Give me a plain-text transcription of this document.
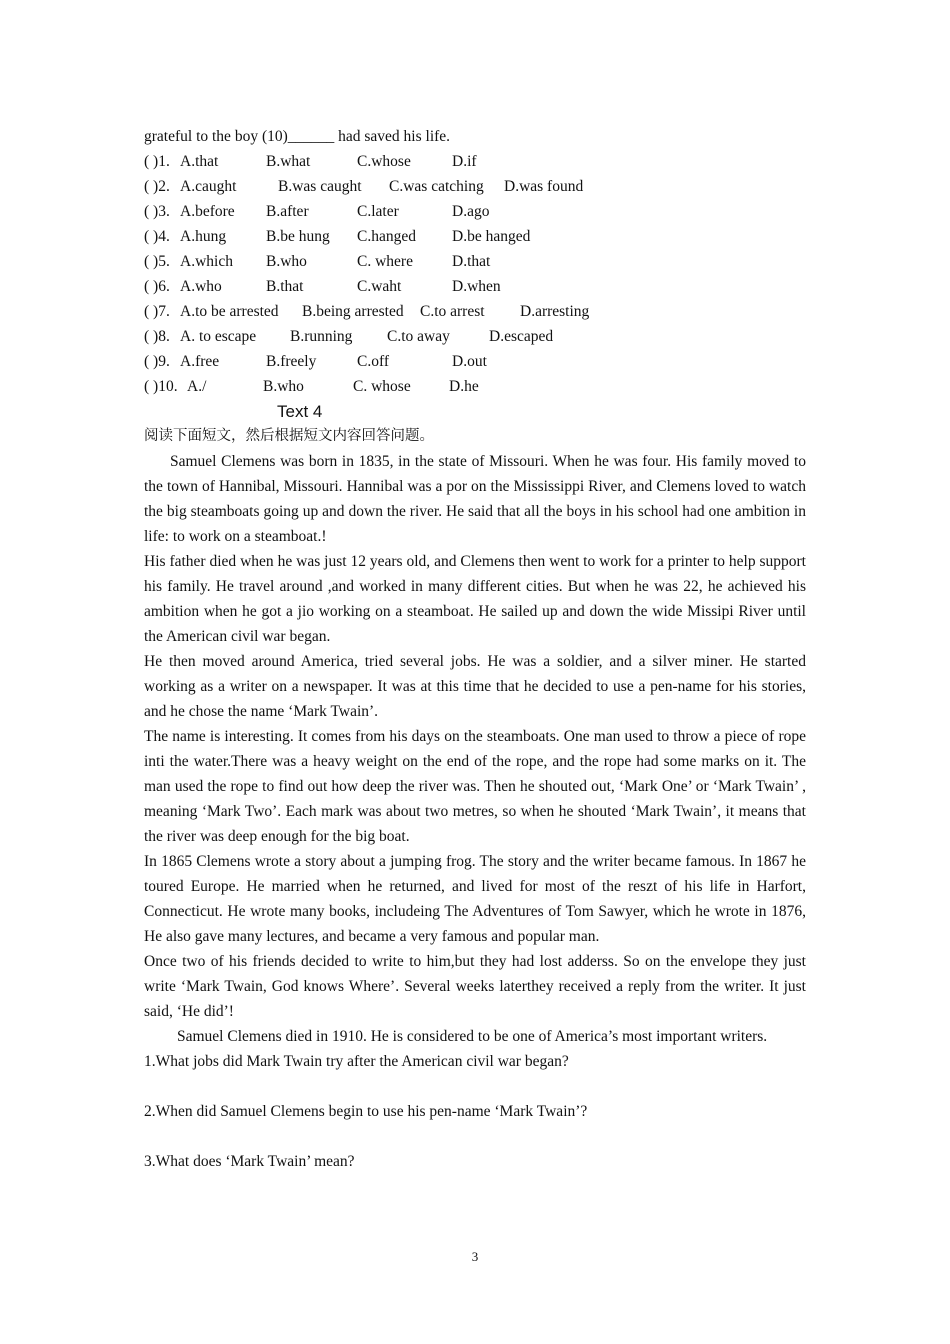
grateful to the boy (10)______ had saved his life.
( )1. A.that	B.what	C.whose	D.if
( )2. A.caught	B.was caught C.was catching D.was found
( )3. A.before B.after	C.later	D.ago
( )4. A.hung	B.be hung C.hanged D.be hanged
( )5. A.which B.who	C. where	D.that
( )6. A.who	B.that	C.waht	D.when
( )7. A.to be arrested B.being arrested C.to arrest D.arresting
( )8. A. to escape B.running C.to away	D.escaped
( )9. A.free	B.freely	C.off	D.out
( )10. A./	B.who	C. whose D.he
Text 4
阅读下面短文，然后根据短文内容回答问题。

Samuel Clemens was born in 1835, in the state of Missouri. When he was four. His family moved to the town of Hannibal, Missouri. Hannibal was a por on the Mississippi River, and Clemens loved to watch the big steamboats going up and down the river. He said that all the boys in his school had one ambition in life: to work on a steamboat.!

His father died when he was just 12 years old, and Clemens then went to work for a printer to help support his family. He travel around ,and worked in many different cities. But when he was 22, he achieved his ambition when he got a jio working on a steamboat. He sailed up and down the wide Missipi River until the American civil war began.

He then moved around America, tried several jobs. He was a soldier, and a silver miner. He started working as a writer on a newspaper. It was at this time that he decided to use a pen-name for his stories, and he chose the name ‘Mark Twain’.

The name is interesting. It comes from his days on the steamboats. One man used to throw a piece of rope inti the water.There was a heavy weight on the end of the rope, and the rope had some marks on it. The man used the rope to find out how deep the river was. Then he shouted out, ‘Mark One’ or ‘Mark Twain’ , meaning ‘Mark Two’. Each mark was about two metres, so when he shouted ‘Mark Twain’, it means that the river was deep enough for the big boat.

In 1865 Clemens wrote a story about a jumping frog. The story and the writer became famous. In 1867 he toured Europe. He married when he returned, and lived for most of the reszt of his life in Harfort, Connecticut. He wrote many books, includeing The Adventures of Tom Sawyer, which he wrote in 1876, He also gave many lectures, and became a very famous and popular man.

Once two of his friends decided to write to him,but they had lost adderss. So on the envelope they just write ‘Mark Twain, God knows Where’. Several weeks laterthey received a reply from the writer. It just said, ‘He did’!

Samuel Clemens died in 1910. He is considered to be one of America’s most important writers.

1.What jobs did Mark Twain try after the American civil war began?
2.When did Samuel Clemens begin to use his pen-name ‘Mark Twain’?
3.What does ‘Mark Twain’ mean?
3
